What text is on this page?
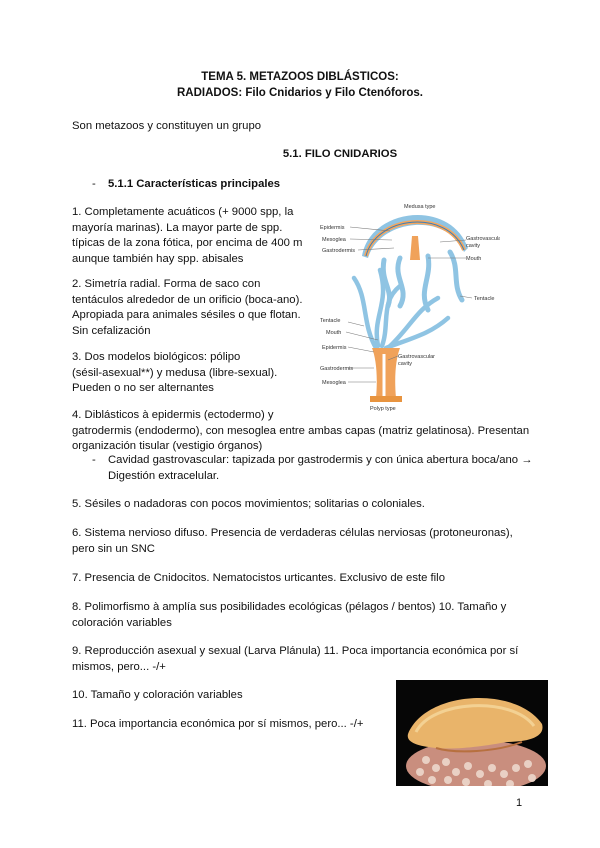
TEMA 5. METAZOOS DIBLÁSTICOS:
RADIADOS: Filo Cnidarios y Filo Ctenóforos.
Son metazoos y constituyen un grupo
5.1. FILO CNIDARIOS
- 5.1.1 Características principales
1. Completamente acuáticos (+ 9000 spp, la
mayoría marinas). La mayor parte de spp.
típicas de la zona fótica, por encima de 400 m
aunque también hay spp. abisales
2. Simetría radial. Forma de saco con
tentáculos alrededor de un orificio (boca-ano).
Apropiada para animales sésiles o que flotan.
Sin cefalización
3. Dos modelos biológicos: pólipo
(sésil-asexual**) y medusa (libre-sexual).
Pueden o no ser alternantes
4. Diblásticos à epidermis (ectodermo) y
gatrodermis (endodermo), con mesoglea entre ambas capas (matriz gelatinosa). Presentan
organización tisular (vestigio órganos)
- Cavidad gastrovascular: tapizada por gastrodermis y con única abertura boca/ano →
Digestión extracelular.
5. Sésiles o nadadoras con pocos movimientos; solitarias o coloniales.
6. Sistema nervioso difuso. Presencia de verdaderas células nerviosas (protoneuronas),
pero sin un SNC
7. Presencia de Cnidocitos. Nematocistos urticantes. Exclusivo de este filo
8. Polimorfismo à amplía sus posibilidades ecológicas (pélagos / bentos) 10. Tamaño y
coloración variables
9. Reproducción asexual y sexual (Larva Plánula) 11. Poca importancia económica por sí
mismos, pero... -/+
10. Tamaño y coloración variables
11. Poca importancia económica por sí mismos, pero... -/+
Medusa type
Epidermis
Mesoglea
Gastrodermis
Gastrovascular
cavity
Mouth
Tentacle
Tentacle
Mouth
Epidermis
Gastrovascular
cavity
Gastrodermis
Mesoglea
Polyp type
1
